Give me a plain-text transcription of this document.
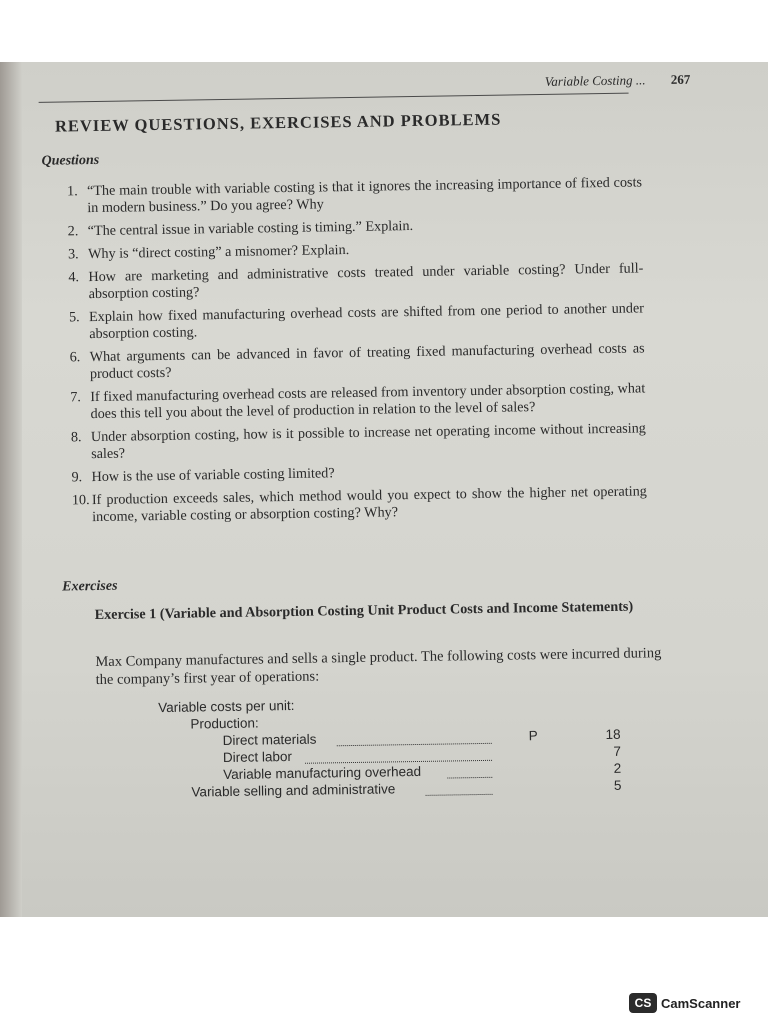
Variable Costing ... 267
REVIEW QUESTIONS, EXERCISES AND PROBLEMS
Questions
1. “The main trouble with variable costing is that it ignores the increasing importance of fixed costs in modern business.” Do you agree? Why
2. “The central issue in variable costing is timing.” Explain.
3. Why is “direct costing” a misnomer? Explain.
4. How are marketing and administrative costs treated under variable costing? Under full-absorption costing?
5. Explain how fixed manufacturing overhead costs are shifted from one period to another under absorption costing.
6. What arguments can be advanced in favor of treating fixed manufacturing overhead costs as product costs?
7. If fixed manufacturing overhead costs are released from inventory under absorption costing, what does this tell you about the level of production in relation to the level of sales?
8. Under absorption costing, how is it possible to increase net operating income without increasing sales?
9. How is the use of variable costing limited?
10. If production exceeds sales, which method would you expect to show the higher net operating income, variable costing or absorption costing? Why?
Exercises
Exercise 1 (Variable and Absorption Costing Unit Product Costs and Income Statements)
Max Company manufactures and sells a single product. The following costs were incurred during the company’s first year of operations:
Variable costs per unit:
Production:
Direct materials	P	18
Direct labor	7
Variable manufacturing overhead	2
Variable selling and administrative	5
CS CamScanner
